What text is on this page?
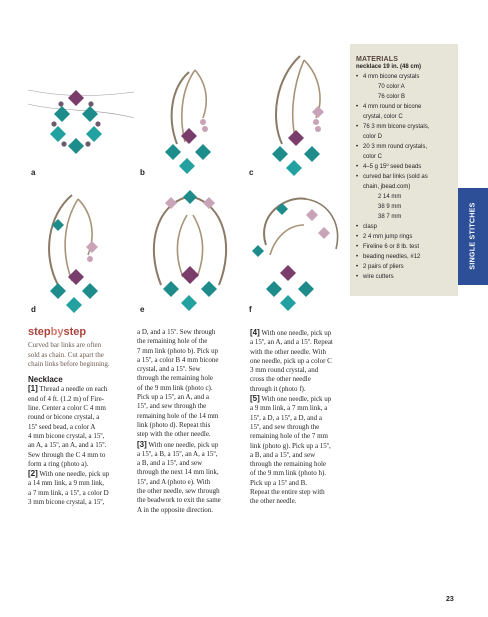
a	b	c
d	e	f
MATERIALS
necklace 19 in. (48 cm)
• 4 mm bicone crystals
70 color A
76 color B
• 4 mm round or bicone
crystal, color C
• 76 3 mm bicone crystals,
color D
• 20 3 mm round crystals,
color C
• 4–5 g 15º seed beads
• curved bar links (sold as
chain, jbead.com)
2 14 mm
38 9 mm
38 7 mm
• clasp
• 2 4 mm jump rings
• Fireline 6 or 8 lb. test
• beading needles, #12
• 2 pairs of pliers
• wire cutters
SINGLE STITCHES
stepbystep

Curved bar links are often

sold as chain. Cut apart the

chain links before beginning.

Necklace

[1] Thread a needle on each

end of 4 ft. (1.2 m) of Fire-

line. Center a color C 4 mm

round or bicone crystal, a

15º seed bead, a color A

4 mm bicone crystal, a 15º,

an A, a 15º, an A, and a 15º.

Sew through the C 4 mm to

form a ring (photo a).

[2] With one needle, pick up

a 14 mm link, a 9 mm link,

a 7 mm link, a 15º, a color D

3 mm bicone crystal, a 15º,

a D, and a 15º. Sew through

the remaining hole of the

7 mm link (photo b). Pick up

a 15º, a color B 4 mm bicone

crystal, and a 15º. Sew

through the remaining hole

of the 9 mm link (photo c).

Pick up a 15º, an A, and a

15º, and sew through the

remaining hole of the 14 mm

link (photo d). Repeat this

step with the other needle.

[3] With one needle, pick up

a 15º, a B, a 15º, an A, a 15º,

a B, and a 15º, and sew

through the next 14 mm link,

15º, and A (photo e). With

the other needle, sew through

the beadwork to exit the same

A in the opposite direction.

[4] With one needle, pick up

a 15º, an A, and a 15º. Repeat

with the other needle. With

one needle, pick up a color C

3 mm round crystal, and

cross the other needle

through it (photo f).

[5] With one needle, pick up

a 9 mm link, a 7 mm link, a

15º, a D, a 15º, a D, and a

15º, and sew through the

remaining hole of the 7 mm

link (photo g). Pick up a 15º,

a B, and a 15º, and sew

through the remaining hole

of the 9 mm link (photo h).

Pick up a 15º and B.

Repeat the entire step with

the other needle.

23
